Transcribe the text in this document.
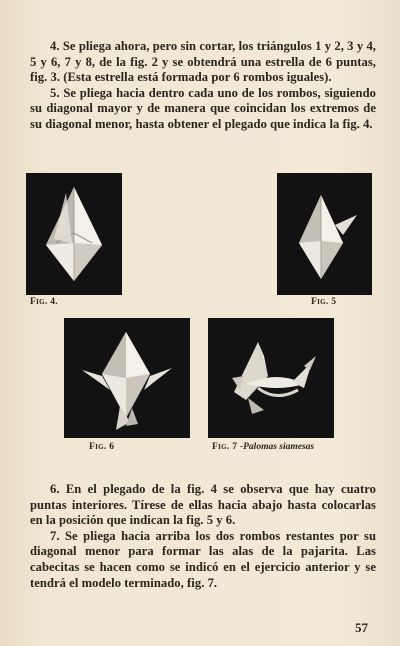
4. Se pliega ahora, pero sin cortar, los triángulos 1 y 2, 3 y 4, 5 y 6, 7 y 8, de la fig. 2 y se obtendrá una estrella de 6 puntas, fig. 3. (Esta estrella está formada por 6 rombos iguales).

5. Se pliega hacia dentro cada uno de los rombos, siguiendo su diagonal mayor y de manera que coincidan los extremos de su diagonal menor, hasta obtener el plegado que indica la fig. 4.

Fig. 4.	Fig. 5
Fig. 6	Fig. 7 -Palomas siamesas

6. En el plegado de la fig. 4 se observa que hay cuatro puntas interiores. Tírese de ellas hacia abajo hasta colocarlas en la posición que indican la fig. 5 y 6.

7. Se pliega hacia arriba los dos rombos restantes por su diagonal menor para formar las alas de la pajarita. Las cabecitas se hacen como se indicó en el ejercicio anterior y se tendrá el modelo terminado, fig. 7.

57
